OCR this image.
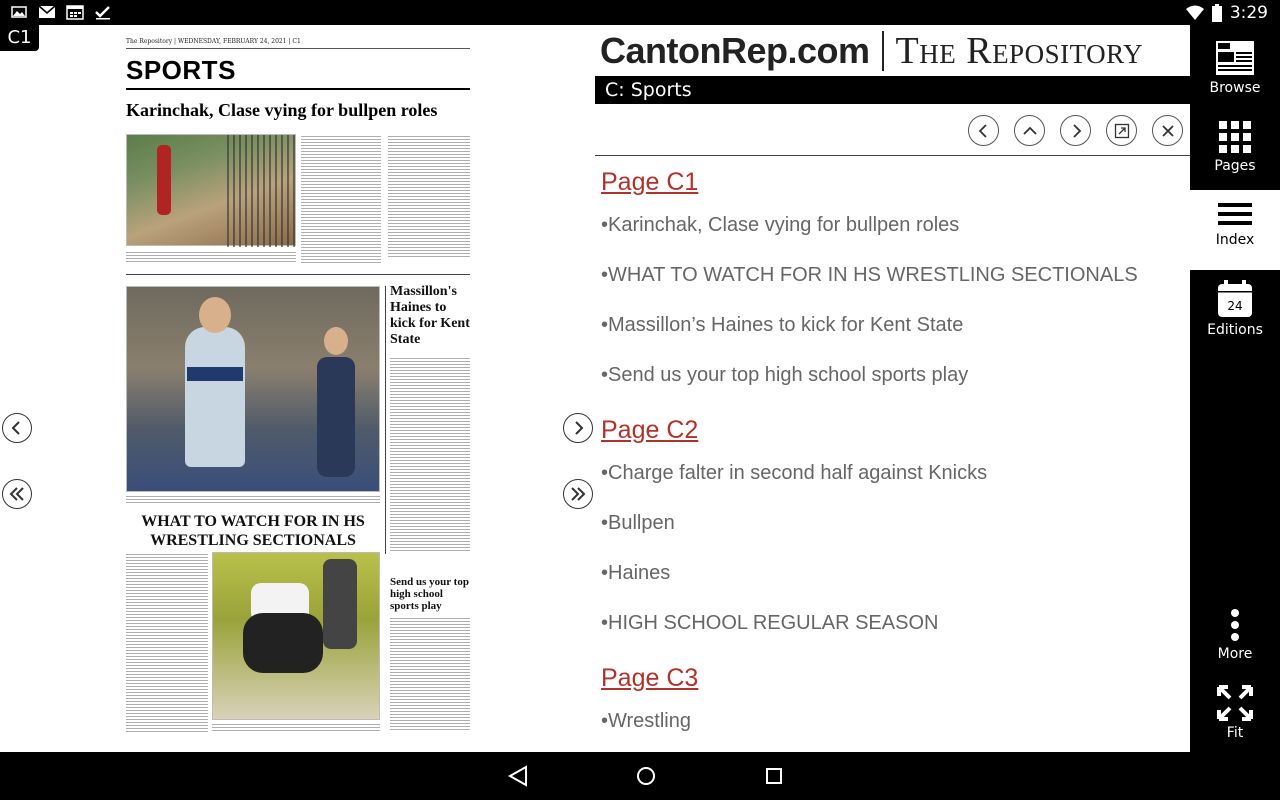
3:29
C1	The Repository | WEDNESDAY, FEBRUARY 24, 2021 | C1
SPORTS
Karinchak, Clase vying for bullpen roles
Massillon's Haines to kick for Kent State
WHAT TO WATCH FOR IN HS WRESTLING SECTIONALS
Send us your top high school sports play
CantonRep.com The Repository
C: Sports
Page C1
•Karinchak, Clase vying for bullpen roles
•WHAT TO WATCH FOR IN HS WRESTLING SECTIONALS
•Massillon’s Haines to kick for Kent State
•Send us your top high school sports play
Page C2
•Charge falter in second half against Knicks
•Bullpen
•Haines
•HIGH SCHOOL REGULAR SEASON
Page C3
•Wrestling
Browse
Pages
Index
24
Editions
More
Fit
